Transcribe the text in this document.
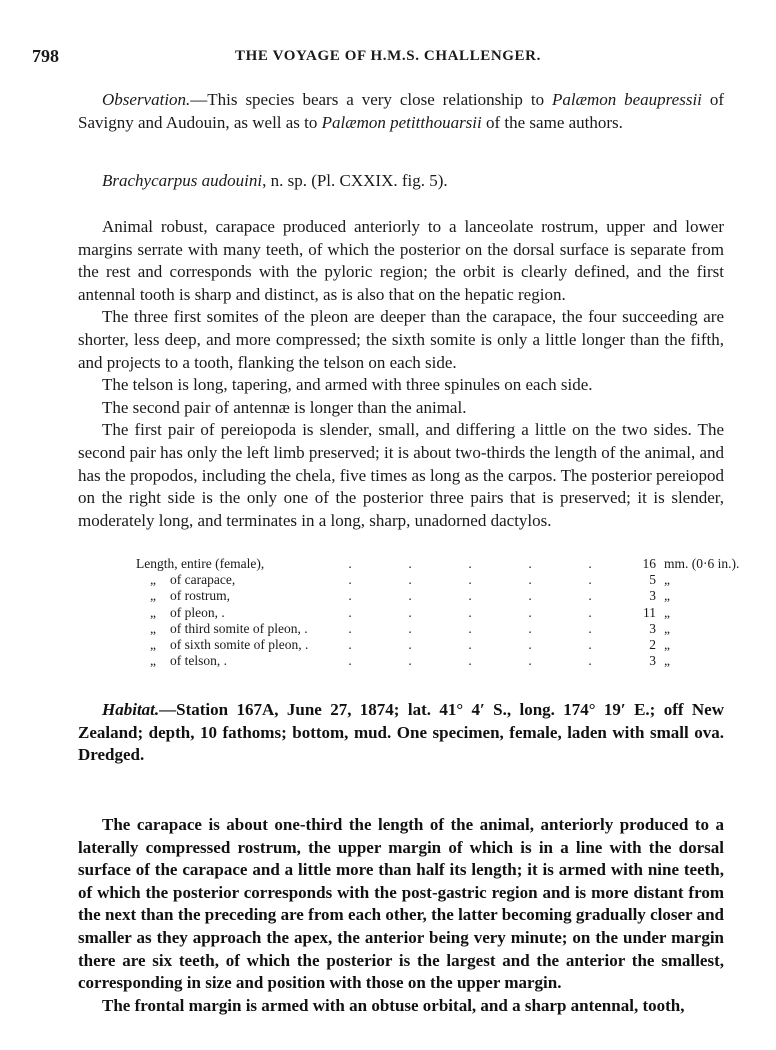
798	THE VOYAGE OF H.M.S. CHALLENGER.
Observation.—This species bears a very close relationship to Palæmon beaupressii of Savigny and Audouin, as well as to Palæmon petitthouarsii of the same authors.
Brachycarpus audouini, n. sp. (Pl. CXXIX. fig. 5).
Animal robust, carapace produced anteriorly to a lanceolate rostrum, upper and lower margins serrate with many teeth, of which the posterior on the dorsal surface is separate from the rest and corresponds with the pyloric region; the orbit is clearly defined, and the first antennal tooth is sharp and distinct, as is also that on the hepatic region.
The three first somites of the pleon are deeper than the carapace, the four succeeding are shorter, less deep, and more compressed; the sixth somite is only a little longer than the fifth, and projects to a tooth, flanking the telson on each side.
The telson is long, tapering, and armed with three spinules on each side.
The second pair of antennæ is longer than the animal.
The first pair of pereiopoda is slender, small, and differing a little on the two sides. The second pair has only the left limb preserved; it is about two-thirds the length of the animal, and has the propodos, including the chela, five times as long as the carpos. The posterior pereiopod on the right side is the only one of the posterior three pairs that is preserved; it is slender, moderately long, and terminates in a long, sharp, unadorned dactylos.
Length, entire (female),		. . . . .	16	mm. (0·6 in.).
„	of carapace,	. . . . .	5	„
„	of rostrum,	. . . . .	3	„
„	of pleon, .	. . . . .	11	„
„	of third somite of pleon, .	. . . . .	3	„
„	of sixth somite of pleon, .	. . . . .	2	„
„	of telson, .	. . . . .	3	„
Habitat.—Station 167A, June 27, 1874; lat. 41° 4′ S., long. 174° 19′ E.; off New Zealand; depth, 10 fathoms; bottom, mud. One specimen, female, laden with small ova. Dredged.
The carapace is about one-third the length of the animal, anteriorly produced to a laterally compressed rostrum, the upper margin of which is in a line with the dorsal surface of the carapace and a little more than half its length; it is armed with nine teeth, of which the posterior corresponds with the post-gastric region and is more distant from the next than the preceding are from each other, the latter becoming gradually closer and smaller as they approach the apex, the anterior being very minute; on the under margin there are six teeth, of which the posterior is the largest and the anterior the smallest, corresponding in size and position with those on the upper margin.
The frontal margin is armed with an obtuse orbital, and a sharp antennal, tooth,
